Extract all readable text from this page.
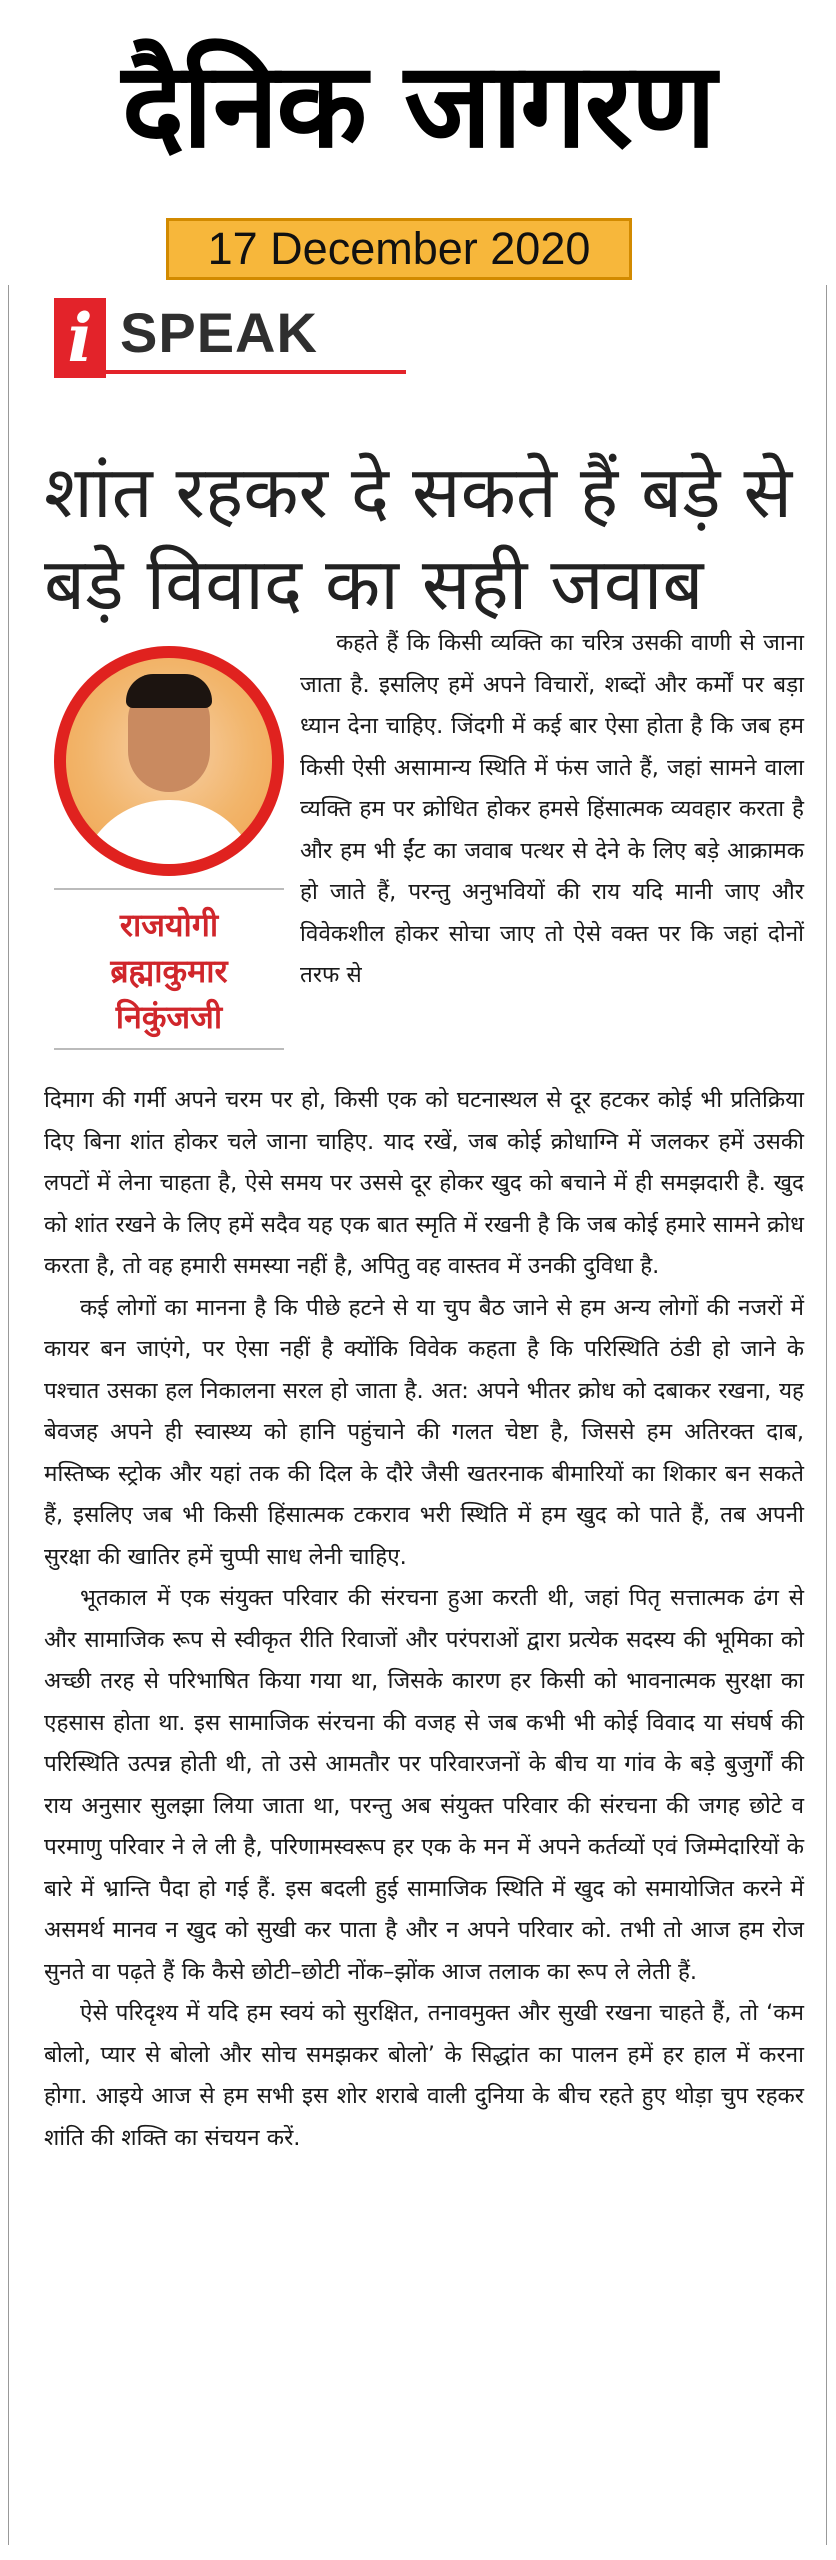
दैनिक जागरण
17 December 2020
i SPEAK
शांत रहकर दे सकते हैं बड़े से बड़े विवाद का सही जवाब
राजयोगी
ब्रह्माकुमार
निकुंजजी

कहते हैं कि किसी व्यक्ति का चरित्र उसकी वाणी से जाना जाता है. इसलिए हमें अपने विचारों, शब्दों और कर्मों पर बड़ा ध्यान देना चाहिए. जिंदगी में कई बार ऐसा होता है कि जब हम किसी ऐसी असामान्य स्थिति में फंस जाते हैं, जहां सामने वाला व्यक्ति हम पर क्रोधित होकर हमसे हिंसात्मक व्यवहार करता है और हम भी ईंट का जवाब पत्थर से देने के लिए बड़े आक्रामक हो जाते हैं, परन्तु अनुभवियों की राय यदि मानी जाए और विवेकशील होकर सोचा जाए तो ऐसे वक्त पर कि जहां दोनों तरफ से

दिमाग की गर्मी अपने चरम पर हो, किसी एक को घटनास्थल से दूर हटकर कोई भी प्रतिक्रिया दिए बिना शांत होकर चले जाना चाहिए. याद रखें, जब कोई क्रोधाग्नि में जलकर हमें उसकी लपटों में लेना चाहता है, ऐसे समय पर उससे दूर होकर खुद को बचाने में ही समझदारी है. खुद को शांत रखने के लिए हमें सदैव यह एक बात स्मृति में रखनी है कि जब कोई हमारे सामने क्रोध करता है, तो वह हमारी समस्या नहीं है, अपितु वह वास्तव में उनकी दुविधा है.

कई लोगों का मानना है कि पीछे हटने से या चुप बैठ जाने से हम अन्य लोगों की नजरों में कायर बन जाएंगे, पर ऐसा नहीं है क्योंकि विवेक कहता है कि परिस्थिति ठंडी हो जाने के पश्चात उसका हल निकालना सरल हो जाता है. अत: अपने भीतर क्रोध को दबाकर रखना, यह बेवजह अपने ही स्वास्थ्य को हानि पहुंचाने की गलत चेष्टा है, जिससे हम अतिरक्त दाब, मस्तिष्क स्ट्रोक और यहां तक की दिल के दौरे जैसी खतरनाक बीमारियों का शिकार बन सकते हैं, इसलिए जब भी किसी हिंसात्मक टकराव भरी स्थिति में हम खुद को पाते हैं, तब अपनी सुरक्षा की खातिर हमें चुप्पी साध लेनी चाहिए.

भूतकाल में एक संयुक्त परिवार की संरचना हुआ करती थी, जहां पितृ सत्तात्मक ढंग से और सामाजिक रूप से स्वीकृत रीति रिवाजों और परंपराओं द्वारा प्रत्येक सदस्य की भूमिका को अच्छी तरह से परिभाषित किया गया था, जिसके कारण हर किसी को भावनात्मक सुरक्षा का एहसास होता था. इस सामाजिक संरचना की वजह से जब कभी भी कोई विवाद या संघर्ष की परिस्थिति उत्पन्न होती थी, तो उसे आमतौर पर परिवारजनों के बीच या गांव के बड़े बुजुर्गों की राय अनुसार सुलझा लिया जाता था, परन्तु अब संयुक्त परिवार की संरचना की जगह छोटे व परमाणु परिवार ने ले ली है, परिणामस्वरूप हर एक के मन में अपने कर्तव्यों एवं जिम्मेदारियों के बारे में भ्रान्ति पैदा हो गई हैं. इस बदली हुई सामाजिक स्थिति में खुद को समायोजित करने में असमर्थ मानव न खुद को सुखी कर पाता है और न अपने परिवार को. तभी तो आज हम रोज सुनते वा पढ़ते हैं कि कैसे छोटी–छोटी नोंक–झोंक आज तलाक का रूप ले लेती हैं.

ऐसे परिदृश्य में यदि हम स्वयं को सुरक्षित, तनावमुक्त और सुखी रखना चाहते हैं, तो ‘कम बोलो, प्यार से बोलो और सोच समझकर बोलो’ के सिद्धांत का पालन हमें हर हाल में करना होगा. आइये आज से हम सभी इस शोर शराबे वाली दुनिया के बीच रहते हुए थोड़ा चुप रहकर शांति की शक्ति का संचयन करें.
